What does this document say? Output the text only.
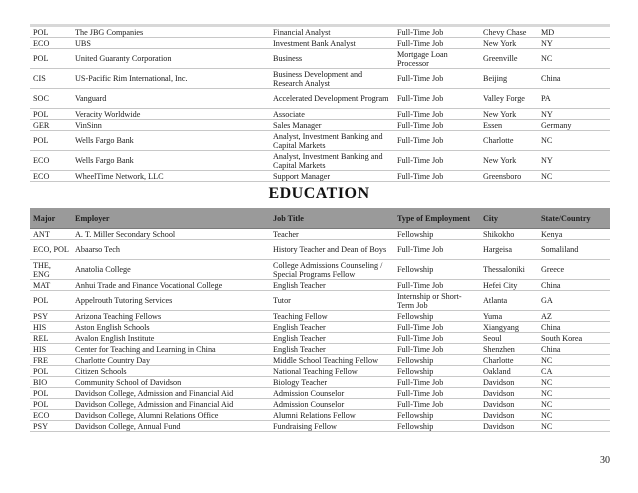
POL	The JBG Companies	Financial Analyst	Full-Time Job	Chevy Chase	MD
ECO	UBS	Investment Bank Analyst	Full-Time Job	New York	NY
POL	United Guaranty Corporation	Business	Mortgage Loan Processor	Greenville	NC
CIS	US-Pacific Rim International, Inc.	Business Development and Research Analyst	Full-Time Job	Beijing	China
SOC	Vanguard	Accelerated Development Program	Full-Time Job	Valley Forge	PA
POL	Veracity Worldwide	Associate	Full-Time Job	New York	NY
GER	VinSinn	Sales Manager	Full-Time Job	Essen	Germany
POL	Wells Fargo Bank	Analyst, Investment Banking and Capital Markets	Full-Time Job	Charlotte	NC
ECO	Wells Fargo Bank	Analyst, Investment Banking and Capital Markets	Full-Time Job	New York	NY
ECO	WheelTime Network, LLC	Support Manager	Full-Time Job	Greensboro	NC
EDUCATION
Major	Employer	Job Title	Type of Employment	City	State/Country
ANT	A. T. Miller Secondary School	Teacher	Fellowship	Shikokho	Kenya
ECO, POL	Abaarso Tech	History Teacher and Dean of Boys	Full-Time Job	Hargeisa	Somaliland
THE, ENG	Anatolia College	College Admissions Counseling / Special Programs Fellow	Fellowship	Thessaloniki	Greece
MAT	Anhui Trade and Finance Vocational College	English Teacher	Full-Time Job	Hefei City	China
POL	Appelrouth Tutoring Services	Tutor	Internship or Short-Term Job	Atlanta	GA
PSY	Arizona Teaching Fellows	Teaching Fellow	Fellowship	Yuma	AZ
HIS	Aston English Schools	English Teacher	Full-Time Job	Xiangyang	China
REL	Avalon English Institute	English Teacher	Full-Time Job	Seoul	South Korea
HIS	Center for Teaching and Learning in China	English Teacher	Full-Time Job	Shenzhen	China
FRE	Charlotte Country Day	Middle School Teaching Fellow	Fellowship	Charlotte	NC
POL	Citizen Schools	National Teaching Fellow	Fellowship	Oakland	CA
BIO	Community School of Davidson	Biology Teacher	Full-Time Job	Davidson	NC
POL	Davidson College, Admission and Financial Aid	Admission Counselor	Full-Time Job	Davidson	NC
POL	Davidson College, Admission and Financial Aid	Admission Counselor	Full-Time Job	Davidson	NC
ECO	Davidson College, Alumni Relations Office	Alumni Relations Fellow	Fellowship	Davidson	NC
PSY	Davidson College, Annual Fund	Fundraising Fellow	Fellowship	Davidson	NC
30
